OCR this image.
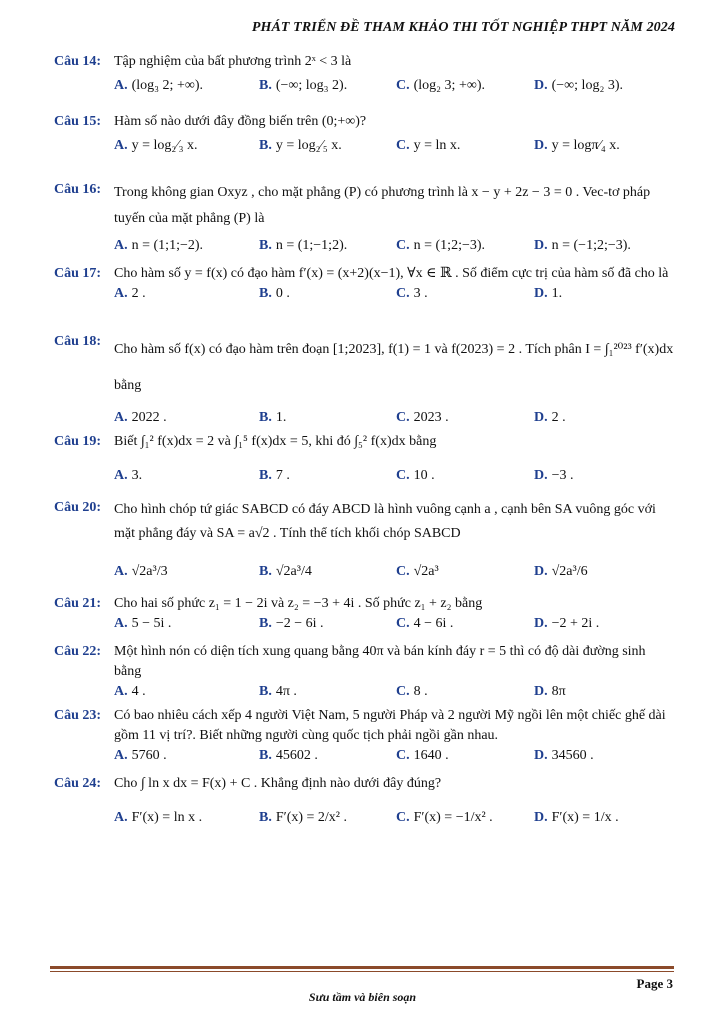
PHÁT TRIỂN ĐỀ THAM KHẢO THI TỐT NGHIỆP THPT NĂM 2024
Câu 14: Tập nghiệm của bất phương trình 2ˣ < 3 là
A. (log₃ 2; +∞).	B. (−∞; log₃ 2).	C. (log₂ 3; +∞).	D. (−∞; log₂ 3).
Câu 15: Hàm số nào dưới đây đồng biến trên (0;+∞)?
A. y = log₂⁄₃ x.	B. y = log₂⁄₅ x.	C. y = ln x.	D. y = logπ⁄₄ x.
Câu 16: Trong không gian Oxyz , cho mặt phẳng (P) có phương trình là x − y + 2z − 3 = 0 . Vec-tơ pháp tuyến của mặt phẳng (P) là
A. n = (1;1;−2).	B. n = (1;−1;2).	C. n = (1;2;−3).	D. n = (−1;2;−3).
Câu 17: Cho hàm số y = f(x) có đạo hàm f′(x) = (x+2)(x−1), ∀x ∈ ℝ . Số điểm cực trị của hàm số đã cho là
A. 2 .	B. 0 .	C. 3 .	D. 1.
Câu 18:
Cho hàm số f(x) có đạo hàm trên đoạn [1;2023], f(1) = 1 và f(2023) = 2 . Tích phân I = ∫₁²⁰²³ f′(x)dx bằng
A. 2022 .	B. 1.	C. 2023 .	D. 2 .
Câu 19: Biết ∫₁² f(x)dx = 2 và ∫₁⁵ f(x)dx = 5, khi đó ∫₅² f(x)dx bằng
A. 3.	B. 7 .	C. 10 .	D. −3 .
Câu 20: Cho hình chóp tứ giác SABCD có đáy ABCD là hình vuông cạnh a , cạnh bên SA vuông góc với mặt phẳng đáy và SA = a√2 . Tính thể tích khối chóp SABCD
A. √2a³/3	B. √2a³/4	C. √2a³	D. √2a³/6
Câu 21: Cho hai số phức z₁ = 1 − 2i và z₂ = −3 + 4i . Số phức z₁ + z₂ bằng
A. 5 − 5i .	B. −2 − 6i .	C. 4 − 6i .	D. −2 + 2i .
Câu 22: Một hình nón có diện tích xung quang bằng 40π và bán kính đáy r = 5 thì có độ dài đường sinh bằng
A. 4 .	B. 4π .	C. 8 .	D. 8π
Câu 23: Có bao nhiêu cách xếp 4 người Việt Nam, 5 người Pháp và 2 người Mỹ ngồi lên một chiếc ghế dài gồm 11 vị trí?. Biết những người cùng quốc tịch phải ngồi gần nhau.
A. 5760 .	B. 45602 .	C. 1640 .	D. 34560 .
Câu 24: Cho ∫ ln x dx = F(x) + C . Khẳng định nào dưới đây đúng?
A. F′(x) = ln x .	B. F′(x) = 2/x² .	C. F′(x) = −1/x² .	D. F′(x) = 1/x .
Page 3
Sưu tầm và biên soạn
